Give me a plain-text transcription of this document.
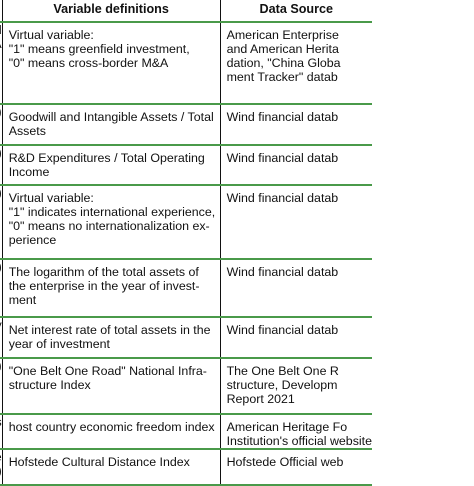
	Variable definitions	Data Source

Virtual variable:
"1" means greenfield investment,
"0" means cross-border M&A	American Enterprise
and American Herita
dation, "China Globa
ment Tracker" datab

Goodwill and Intangible Assets / Total
Assets	Wind financial datab

R&D Expenditures / Total Operating
Income	Wind financial datab

Virtual variable:
"1" indicates international experience,
"0" means no internationalization ex-
perience	Wind financial datab

The logarithm of the total assets of
the enterprise in the year of invest-
ment	Wind financial datab

Net interest rate of total assets in the
year of investment	Wind financial datab

"One Belt One Road" National Infra-
structure Index	The One Belt One R
structure, Developm
Report 2021

host country economic freedom index	American Heritage Fo
Institution's official website

Hofstede Cultural Distance Index	Hofstede Official web
